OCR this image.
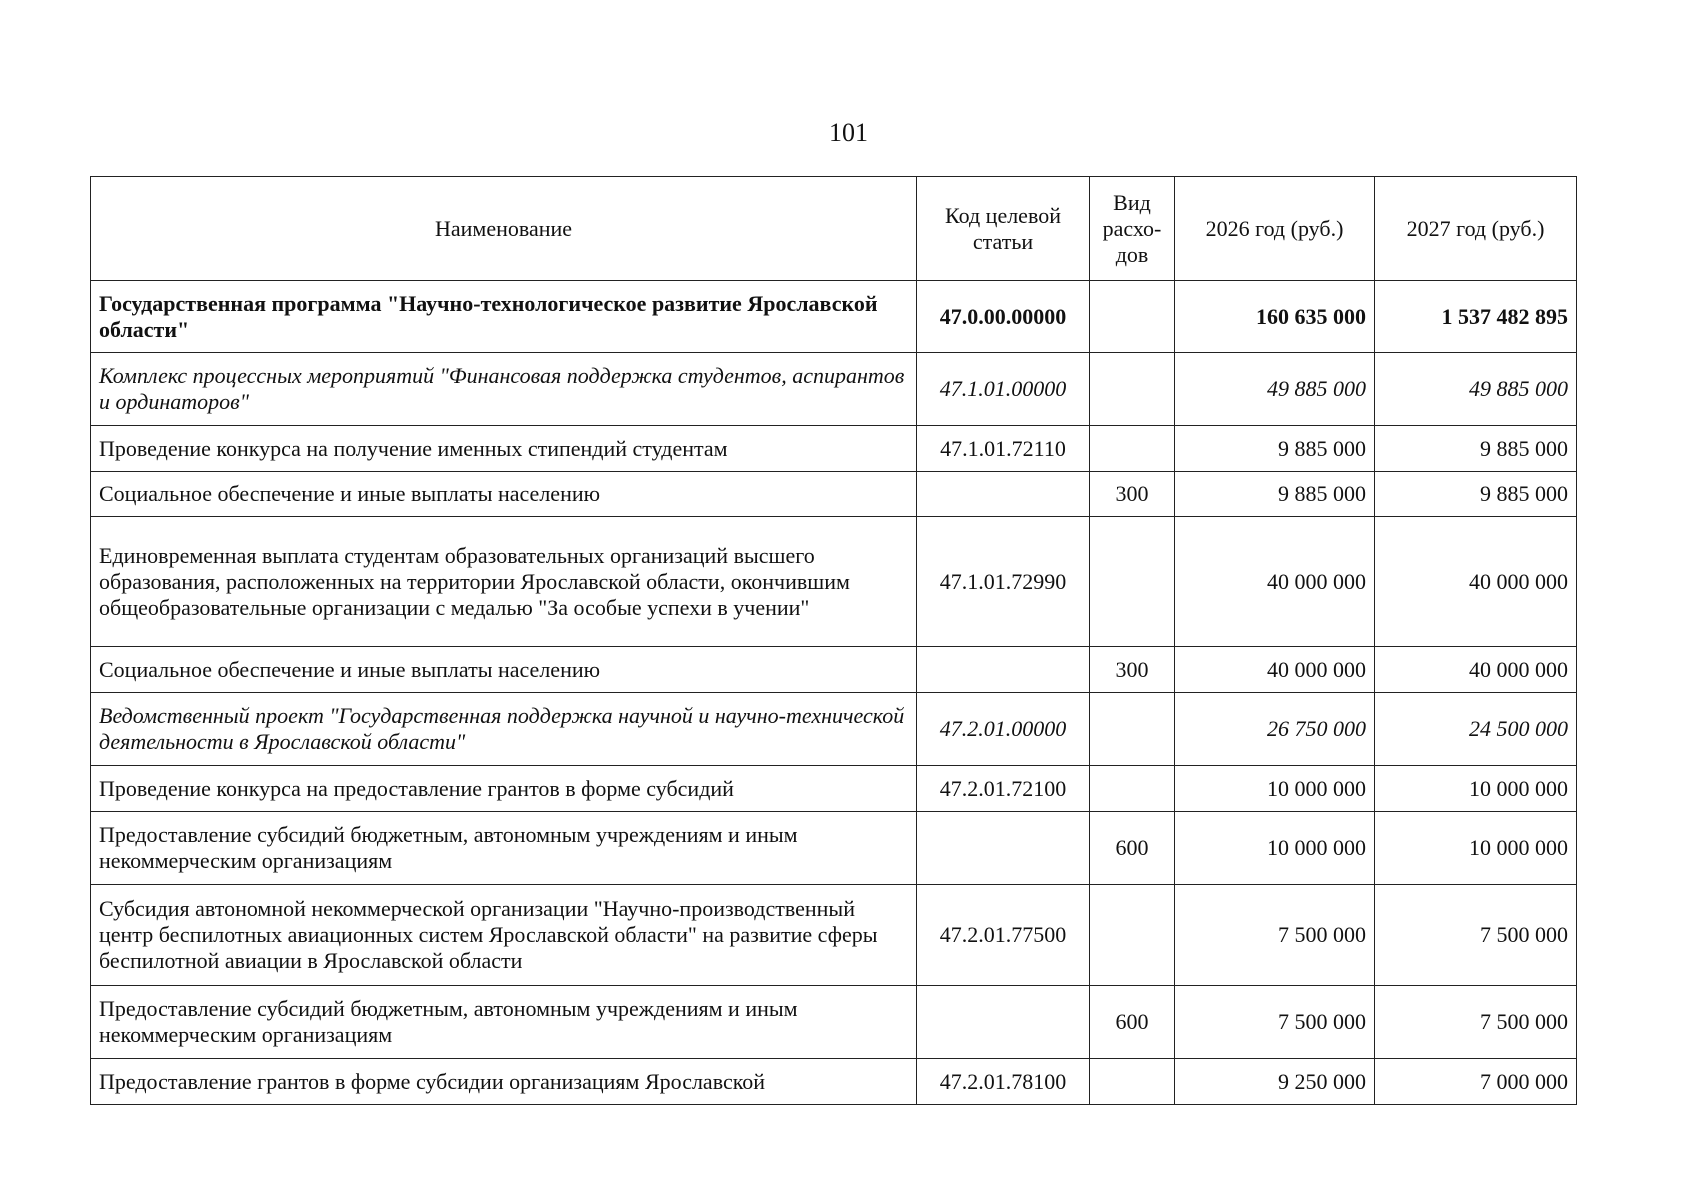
101
Наименование	Код целевой статьи	Вид расхо-дов	2026 год (руб.)	2027 год (руб.)
Государственная программа "Научно-технологическое развитие Ярославской области"	47.0.00.00000		160 635 000	1 537 482 895
Комплекс процессных мероприятий "Финансовая поддержка студентов, аспирантов и ординаторов"	47.1.01.00000		49 885 000	49 885 000
Проведение конкурса на получение именных стипендий студентам	47.1.01.72110		9 885 000	9 885 000
Социальное обеспечение и иные выплаты населению		300	9 885 000	9 885 000
Единовременная выплата студентам образовательных организаций высшего образования, расположенных на территории Ярославской области, окончившим общеобразовательные организации с медалью "За особые успехи в учении"	47.1.01.72990		40 000 000	40 000 000
Социальное обеспечение и иные выплаты населению		300	40 000 000	40 000 000
Ведомственный проект "Государственная поддержка научной и научно-технической деятельности в Ярославской области"	47.2.01.00000		26 750 000	24 500 000
Проведение конкурса на предоставление грантов в форме субсидий	47.2.01.72100		10 000 000	10 000 000
Предоставление субсидий бюджетным, автономным учреждениям и иным некоммерческим организациям		600	10 000 000	10 000 000
Субсидия автономной некоммерческой организации "Научно-производственный центр беспилотных авиационных систем Ярославской области" на развитие сферы беспилотной авиации в Ярославской области	47.2.01.77500		7 500 000	7 500 000
Предоставление субсидий бюджетным, автономным учреждениям и иным некоммерческим организациям		600	7 500 000	7 500 000
Предоставление грантов в форме субсидии организациям Ярославской	47.2.01.78100		9 250 000	7 000 000
